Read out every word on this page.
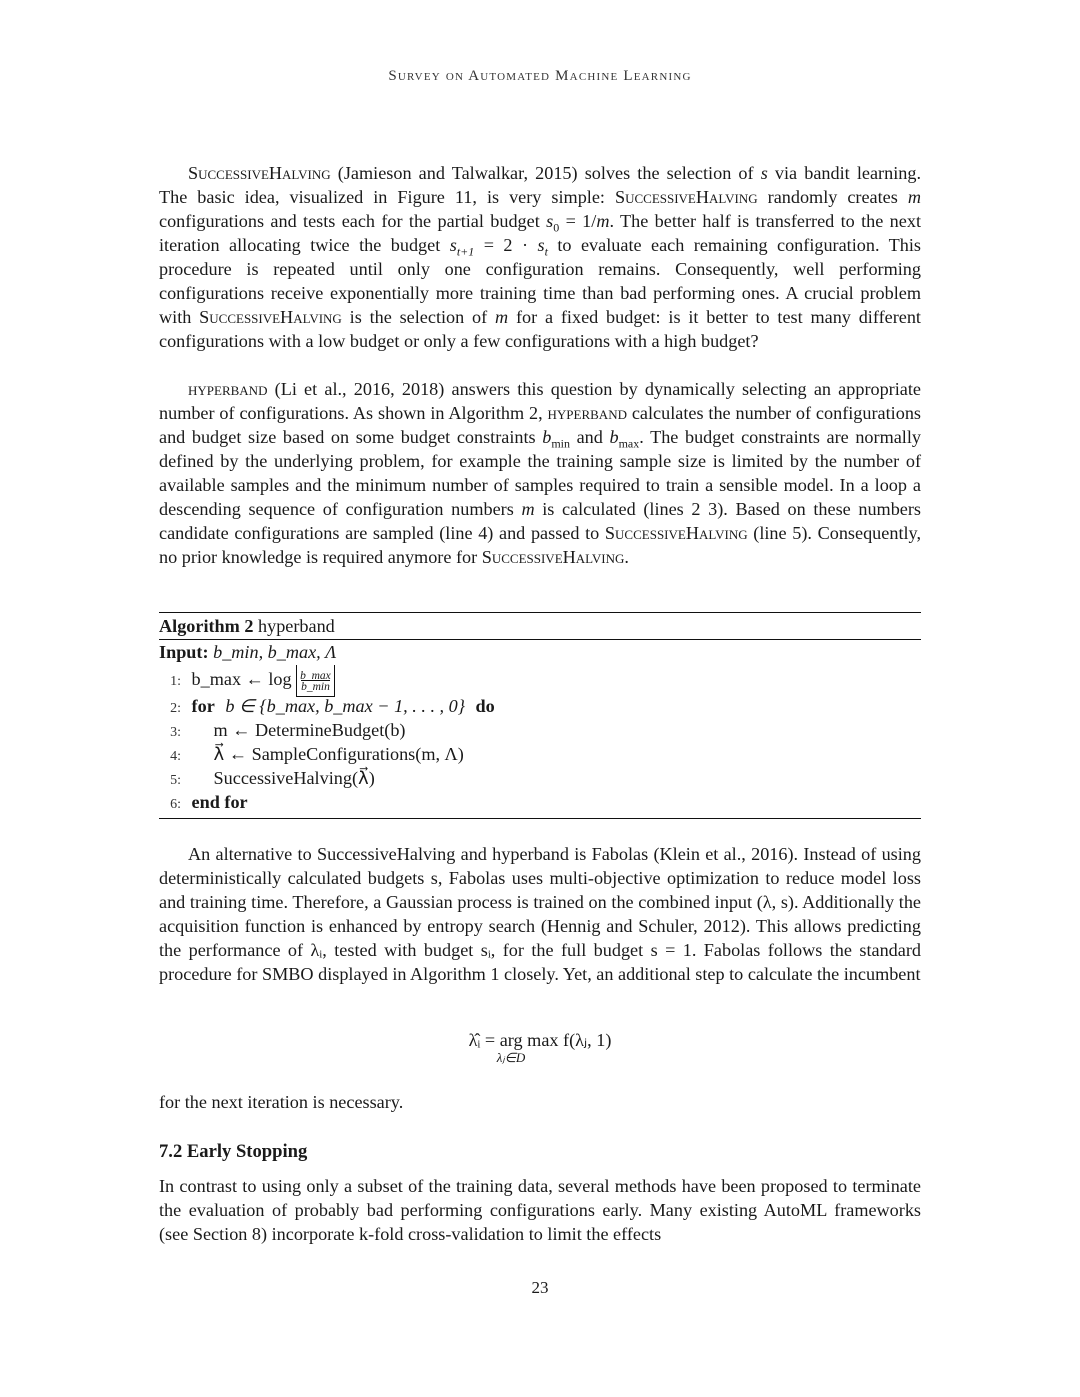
Survey on Automated Machine Learning

SuccessiveHalving (Jamieson and Talwalkar, 2015) solves the selection of s via bandit learning. The basic idea, visualized in Figure 11, is very simple: SuccessiveHalving randomly creates m configurations and tests each for the partial budget $s_0 = 1/m$. The better half is transferred to the next iteration allocating twice the budget $s_{t+1} = 2 \cdot s_t$ to evaluate each remaining configuration. This procedure is repeated until only one configuration remains. Consequently, well performing configurations receive exponentially more training time than bad performing ones. A crucial problem with SuccessiveHalving is the selection of m for a fixed budget: is it better to test many different configurations with a low budget or only a few configurations with a high budget?

hyperband (Li et al., 2016, 2018) answers this question by dynamically selecting an appropriate number of configurations. As shown in Algorithm 2, hyperband calculates the number of configurations and budget size based on some budget constraints $b_{min}$ and $b_{max}$. The budget constraints are normally defined by the underlying problem, for example the training sample size is limited by the number of available samples and the minimum number of samples required to train a sensible model. In a loop a descending sequence of configuration numbers m is calculated (lines 2 3). Based on these numbers candidate configurations are sampled (line 4) and passed to SuccessiveHalving (line 5). Consequently, no prior knowledge is required anymore for SuccessiveHalving.

Algorithm 2 hyperband
Input: b_min, b_max, Λ
1: b_max ← $\log \frac{b\_\max}{b\_\min}$
2: for b ∈ {b_max, b_max − 1, . . . , 0} do
3: m ← DetermineBudget(b)
4: λ⃗ ← SampleConfigurations(m, Λ)
5: SuccessiveHalving(λ⃗)
6: end for

An alternative to SuccessiveHalving and hyperband is Fabolas (Klein et al., 2016). Instead of using deterministically calculated budgets s, Fabolas uses multi-objective optimization to reduce model loss and training time. Therefore, a Gaussian process is trained on the combined input (λ, s). Additionally the acquisition function is enhanced by entropy search (Hennig and Schuler, 2012). This allows predicting the performance of λᵢ, tested with budget sᵢ, for the full budget s = 1. Fabolas follows the standard procedure for SMBO displayed in Algorithm 1 closely. Yet, an additional step to calculate the incumbent

λ̂ᵢ = arg max f(λⱼ, 1)
λⱼ∈D

for the next iteration is necessary.

7.2 Early Stopping

In contrast to using only a subset of the training data, several methods have been proposed to terminate the evaluation of probably bad performing configurations early. Many existing AutoML frameworks (see Section 8) incorporate k-fold cross-validation to limit the effects

23
